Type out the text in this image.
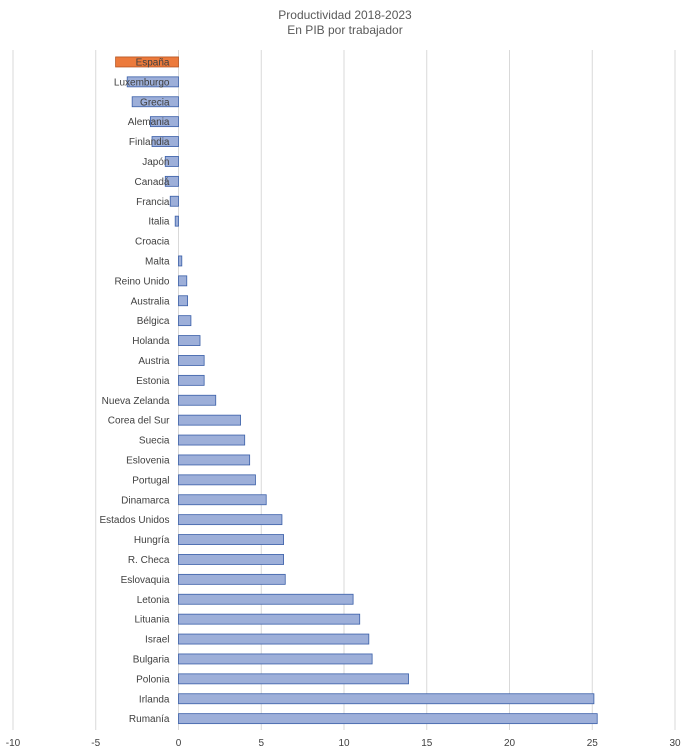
Productividad 2018-2023
En PIB por trabajador
España
Luxemburgo
Grecia
Alemania
Finlandia
Japón
Canadá
Francia
Italia
Croacia
Malta
Reino Unido
Australia
Bélgica
Holanda
Austria
Estonia
Nueva Zelanda
Corea del Sur
Suecia
Eslovenia
Portugal
Dinamarca
Estados Unidos
Hungría
R. Checa
Eslovaquia
Letonia
Lituania
Israel
Bulgaria
Polonia
Irlanda
Rumanía
-10	-5	0	5	10	15	20	25	30
